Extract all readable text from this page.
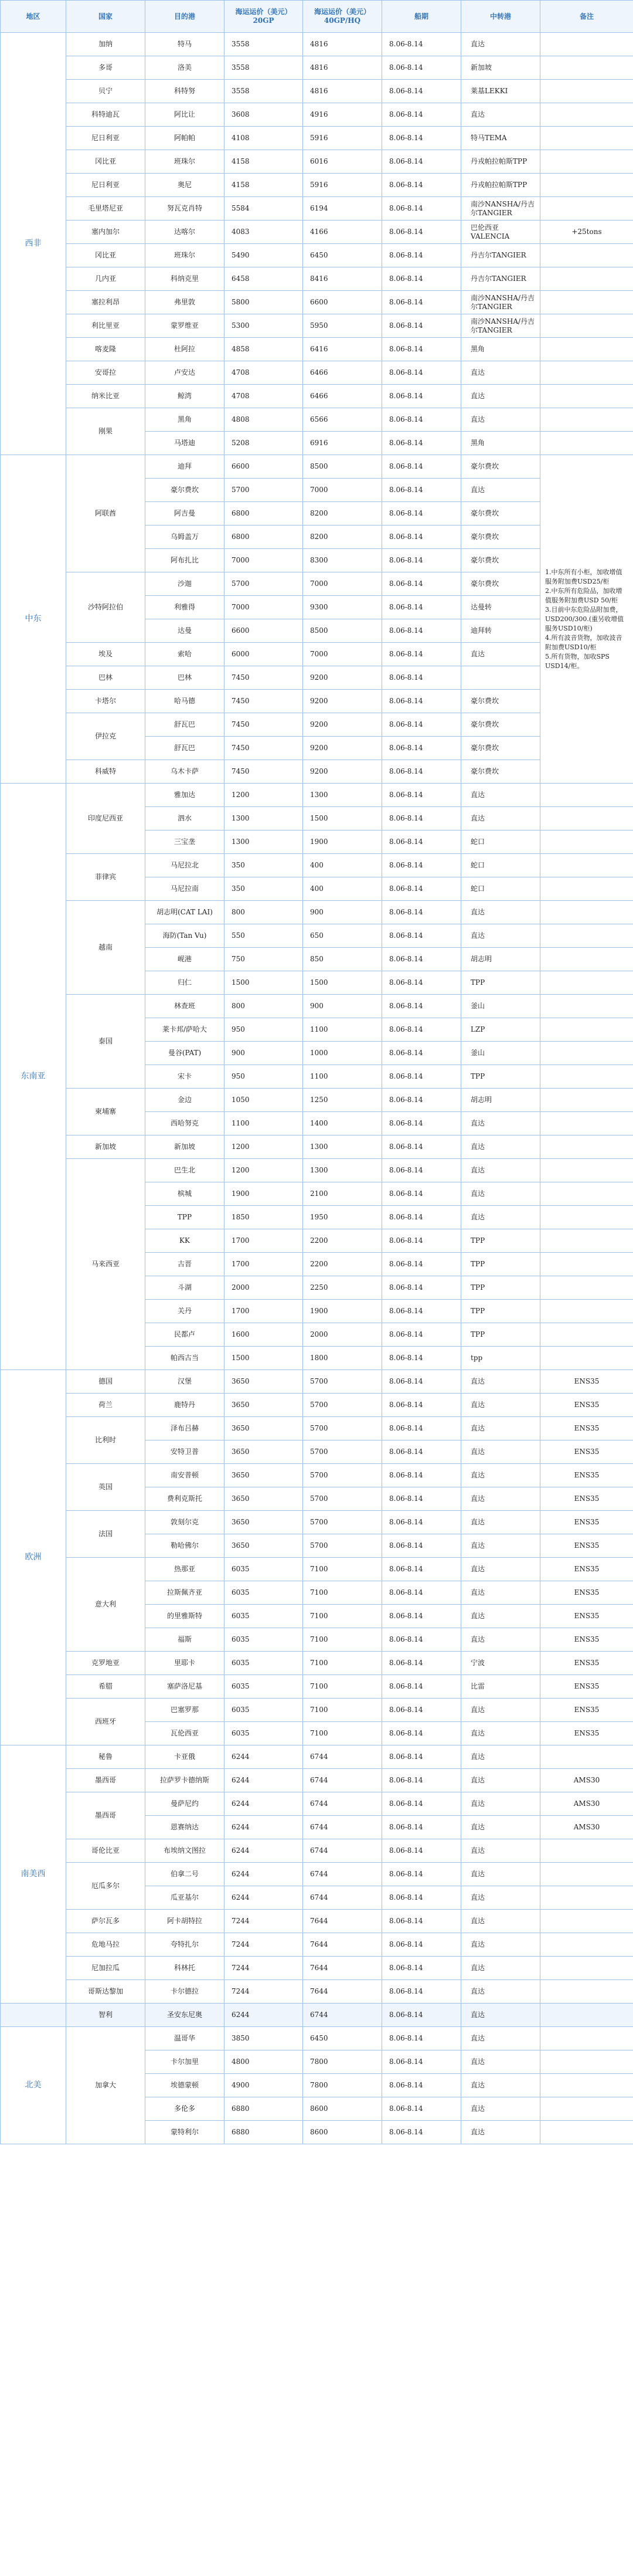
地区	国家	目的港	海运运价（美元）20GP	海运运价（美元）40GP/HQ	船期	中转港	备注
西非	加纳	特马	3558	4816	8.06-8.14	直达	
	多哥	洛美	3558	4816	8.06-8.14	新加坡	
	贝宁	科特努	3558	4816	8.06-8.14	莱基LEKKI	
	科特迪瓦	阿比让	3608	4916	8.06-8.14	直达	
	尼日利亚	阿帕帕	4108	5916	8.06-8.14	特马TEMA	
	冈比亚	班珠尔	4158	6016	8.06-8.14	丹戎帕拉帕斯TPP	
	尼日利亚	奥尼	4158	5916	8.06-8.14	丹戎帕拉帕斯TPP	
	毛里塔尼亚	努瓦克肖特	5584	6194	8.06-8.14	南沙NANSHA/丹吉尔TANGIER	
	塞内加尔	达喀尔	4083	4166	8.06-8.14	巴伦西亚VALENCIA	+25tons
	冈比亚	班珠尔	5490	6450	8.06-8.14	丹吉尔TANGIER	
	几内亚	科纳克里	6458	8416	8.06-8.14	丹吉尔TANGIER	
	塞拉利昂	弗里敦	5800	6600	8.06-8.14	南沙NANSHA/丹吉尔TANGIER	
	利比里亚	蒙罗维亚	5300	5950	8.06-8.14	南沙NANSHA/丹吉尔TANGIER	
	喀麦隆	杜阿拉	4858	6416	8.06-8.14	黑角	
	安哥拉	卢安达	4708	6466	8.06-8.14	直达	
	纳米比亚	鲸湾	4708	6466	8.06-8.14	直达	
	刚果	黑角	4808	6566	8.06-8.14	直达	
		马塔迪	5208	6916	8.06-8.14	黑角	
中东	阿联酋	迪拜	6600	8500	8.06-8.14	豪尔费坎	1.中东所有小柜，加收增值服务附加费USD25/柜
2.中东所有危险品，加收增值服务附加费USD 50/柜
3.目前中东危险品附加费，USD200/300.(重另收增值服务USD10/柜)
4.所有波音货物，加收波音附加费USD10/柜
5.所有货物，加收SPS USD14/柜。
		豪尔费坎	5700	7000	8.06-8.14	直达	
		阿吉曼	6800	8200	8.06-8.14	豪尔费坎	
		乌姆盖万	6800	8200	8.06-8.14	豪尔费坎	
		阿布扎比	7000	8300	8.06-8.14	豪尔费坎	
	沙特阿拉伯	沙迦	5700	7000	8.06-8.14	豪尔费坎	
		利雅得	7000	9300	8.06-8.14	达曼转	
		达曼	6600	8500	8.06-8.14	迪拜转	
	埃及	索哈	6000	7000	8.06-8.14	直达	
	巴林	巴林	7450	9200	8.06-8.14		
	卡塔尔	哈马德	7450	9200	8.06-8.14	豪尔费坎	
	伊拉克	舒瓦巴	7450	9200	8.06-8.14	豪尔费坎	
		舒瓦巴	7450	9200	8.06-8.14	豪尔费坎	
	科威特	乌木卡萨	7450	9200	8.06-8.14	豪尔费坎	
东南亚	印度尼西亚	雅加达	1200	1300	8.06-8.14	直达	
		泗水	1300	1500	8.06-8.14	直达	
		三宝垄	1300	1900	8.06-8.14	蛇口	
	菲律宾	马尼拉北	350	400	8.06-8.14	蛇口	
		马尼拉南	350	400	8.06-8.14	蛇口	
	越南	胡志明(CAT LAI)	800	900	8.06-8.14	直达	
		海防(Tan Vu)	550	650	8.06-8.14	直达	
		岘港	750	850	8.06-8.14	胡志明	
		归仁	1500	1500	8.06-8.14	TPP	
	泰国	林查班	800	900	8.06-8.14	釜山	
		莱卡邦/萨哈大	950	1100	8.06-8.14	LZP	
		曼谷(PAT)	900	1000	8.06-8.14	釜山	
		宋卡	950	1100	8.06-8.14	TPP	
	柬埔寨	金边	1050	1250	8.06-8.14	胡志明	
		西哈努克	1100	1400	8.06-8.14	直达	
	新加坡	新加坡	1200	1300	8.06-8.14	直达	
	马来西亚	巴生北	1200	1300	8.06-8.14	直达	
		槟城	1900	2100	8.06-8.14	直达	
		TPP	1850	1950	8.06-8.14	直达	
		KK	1700	2200	8.06-8.14	TPP	
		古晋	1700	2200	8.06-8.14	TPP	
		斗湖	2000	2250	8.06-8.14	TPP	
		关丹	1700	1900	8.06-8.14	TPP	
		民都卢	1600	2000	8.06-8.14	TPP	
		帕西古当	1500	1800	8.06-8.14	tpp	
欧洲	德国	汉堡	3650	5700	8.06-8.14	直达	ENS35
	荷兰	鹿特丹	3650	5700	8.06-8.14	直达	ENS35
	比利时	泽布吕赫	3650	5700	8.06-8.14	直达	ENS35
		安特卫普	3650	5700	8.06-8.14	直达	ENS35
	英国	南安普顿	3650	5700	8.06-8.14	直达	ENS35
		费利克斯托	3650	5700	8.06-8.14	直达	ENS35
	法国	敦刻尔克	3650	5700	8.06-8.14	直达	ENS35
		勒哈佛尔	3650	5700	8.06-8.14	直达	ENS35
	意大利	热那亚	6035	7100	8.06-8.14	直达	ENS35
		拉斯佩齐亚	6035	7100	8.06-8.14	直达	ENS35
		的里雅斯特	6035	7100	8.06-8.14	直达	ENS35
		福斯	6035	7100	8.06-8.14	直达	ENS35
	克罗地亚	里耶卡	6035	7100	8.06-8.14	宁波	ENS35
	希腊	塞萨洛尼基	6035	7100	8.06-8.14	比雷	ENS35
	西班牙	巴塞罗那	6035	7100	8.06-8.14	直达	ENS35
		瓦伦西亚	6035	7100	8.06-8.14	直达	ENS35
南美西	秘鲁	卡亚俄	6244	6744	8.06-8.14	直达	
	墨西哥	拉萨罗卡德纳斯	6244	6744	8.06-8.14	直达	AMS30
	墨西哥	曼萨尼约	6244	6744	8.06-8.14	直达	AMS30
		恩赛纳达	6244	6744	8.06-8.14	直达	AMS30
	哥伦比亚	布埃纳文图拉	6244	6744	8.06-8.14	直达	
	厄瓜多尔	伯拿二号	6244	6744	8.06-8.14	直达	
		瓜亚基尔	6244	6744	8.06-8.14	直达	
	萨尔瓦多	阿卡胡特拉	7244	7644	8.06-8.14	直达	
	危地马拉	夸特扎尔	7244	7644	8.06-8.14	直达	
	尼加拉瓜	科林托	7244	7644	8.06-8.14	直达	
	哥斯达黎加	卡尔德拉	7244	7644	8.06-8.14	直达	
	智利	圣安东尼奥	6244	6744	8.06-8.14	直达	
北美	加拿大	温哥华	3850	6450	8.06-8.14	直达	
		卡尔加里	4800	7800	8.06-8.14	直达	
		埃德蒙顿	4900	7800	8.06-8.14	直达	
		多伦多	6880	8600	8.06-8.14	直达	
		蒙特利尔	6880	8600	8.06-8.14	直达	
